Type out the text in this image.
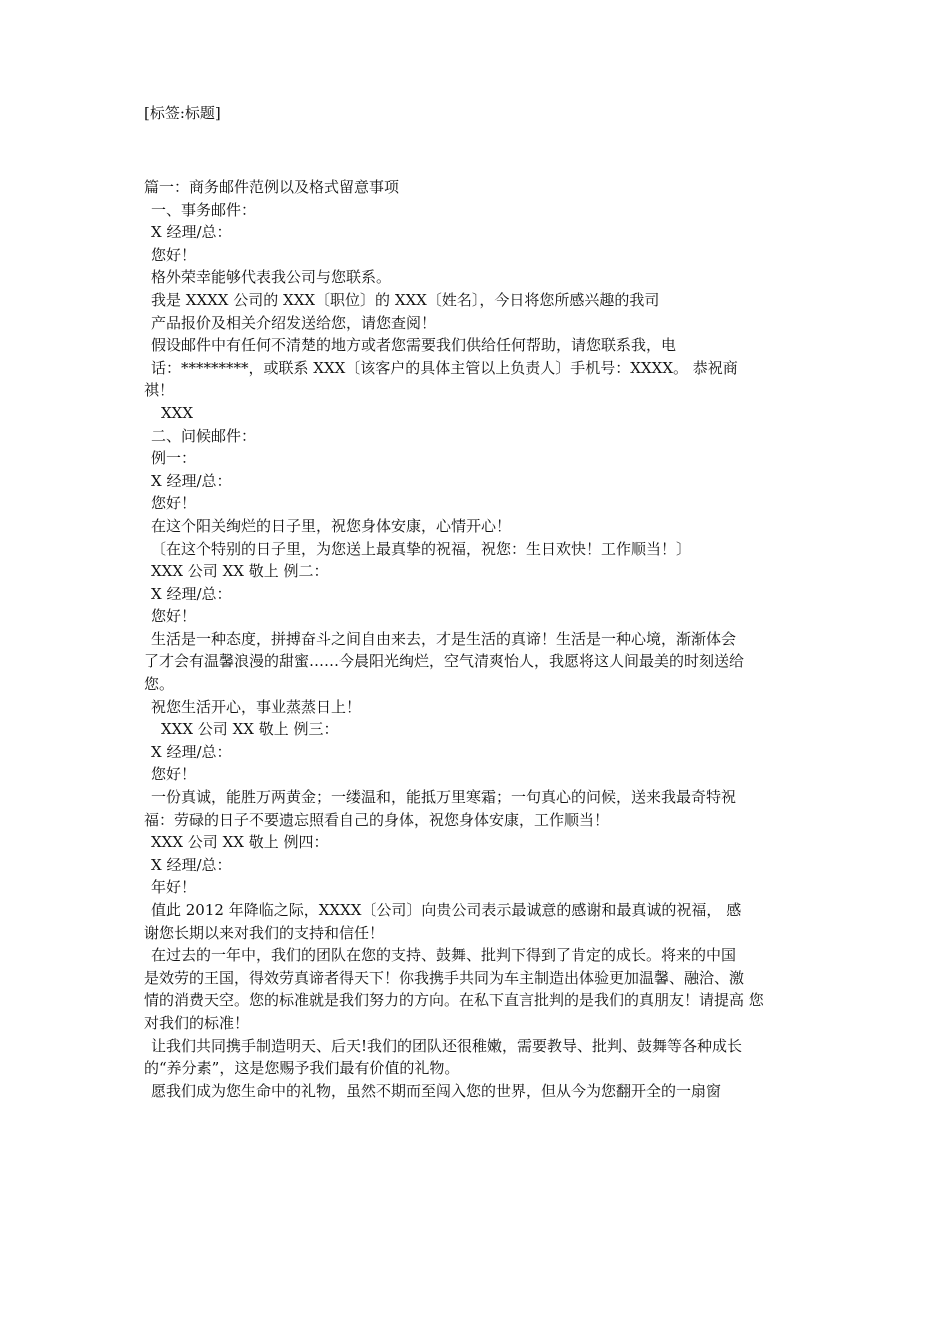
[标签:标题]

篇一：商务邮件范例以及格式留意事项

一、事务邮件：

X 经理/总：

您好！

格外荣幸能够代表我公司与您联系。

我是 XXXX 公司的 XXX〔职位〕的 XXX〔姓名〕，今日将您所感兴趣的我司

产品报价及相关介绍发送给您，请您查阅！

假设邮件中有任何不清楚的地方或者您需要我们供给任何帮助，请您联系我，电

话：*********，或联系 XXX〔该客户的具体主管以上负责人〕手机号：XXXX。 恭祝商

祺！

XXX

二、问候邮件：

例一：

X 经理/总：

您好！

在这个阳关绚烂的日子里，祝您身体安康，心情开心！

〔在这个特别的日子里，为您送上最真挚的祝福，祝您：生日欢快！工作顺当！〕

XXX 公司 XX 敬上 例二：

X 经理/总：

您好！

生活是一种态度，拼搏奋斗之间自由来去，才是生活的真谛！生活是一种心境，渐渐体会

了才会有温馨浪漫的甜蜜……今晨阳光绚烂，空气清爽怡人，我愿将这人间最美的时刻送给

您。

祝您生活开心，事业蒸蒸日上！

XXX 公司 XX 敬上 例三：

X 经理/总：

您好！

一份真诚，能胜万两黄金；一缕温和，能抵万里寒霜；一句真心的问候，送来我最奇特祝

福：劳碌的日子不要遗忘照看自己的身体，祝您身体安康，工作顺当！

XXX 公司 XX 敬上 例四：

X 经理/总：

年好！

值此 2012 年降临之际，XXXX〔公司〕向贵公司表示最诚意的感谢和最真诚的祝福， 感

谢您长期以来对我们的支持和信任！

在过去的一年中，我们的团队在您的支持、鼓舞、批判下得到了肯定的成长。将来的中国

是效劳的王国，得效劳真谛者得天下！你我携手共同为车主制造出体验更加温馨、融洽、激

情的消费天空。您的标准就是我们努力的方向。在私下直言批判的是我们的真朋友！请提高 您

对我们的标准！

让我们共同携手制造明天、后天!我们的团队还很稚嫩，需要教导、批判、鼓舞等各种成长

的“养分素”，这是您赐予我们最有价值的礼物。

愿我们成为您生命中的礼物，虽然不期而至闯入您的世界，但从今为您翻开全的一扇窗
